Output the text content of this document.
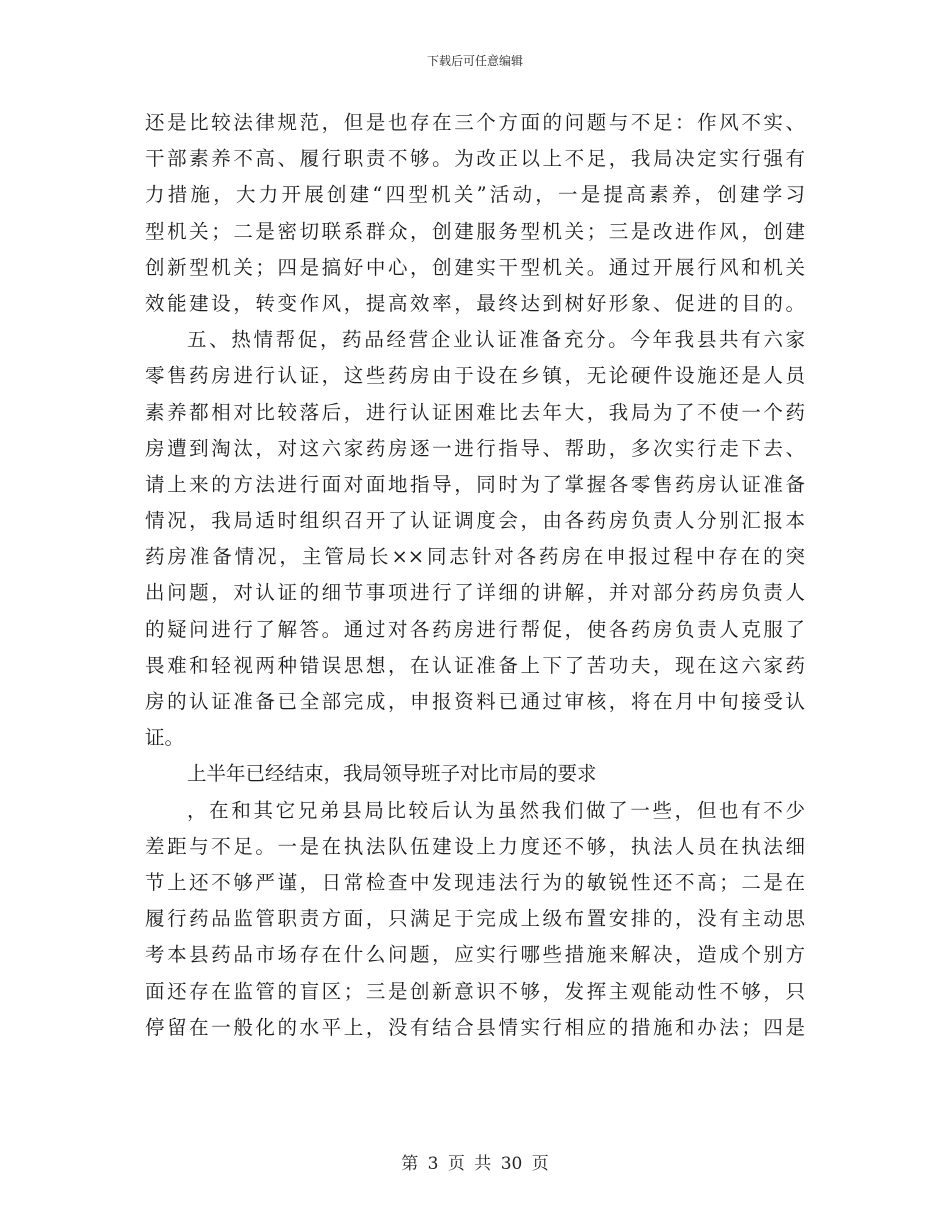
下载后可任意编辑
还是比较法律规范，但是也存在三个方面的问题与不足：作风不实、
干部素养不高、履行职责不够。为改正以上不足，我局决定实行强有
力措施，大力开展创建“四型机关”活动，一是提高素养，创建学习
型机关；二是密切联系群众，创建服务型机关；三是改进作风，创建
创新型机关；四是搞好中心，创建实干型机关。通过开展行风和机关
效能建设，转变作风，提高效率，最终达到树好形象、促进的目的。
五、热情帮促，药品经营企业认证准备充分。今年我县共有六家
零售药房进行认证，这些药房由于设在乡镇，无论硬件设施还是人员
素养都相对比较落后，进行认证困难比去年大，我局为了不使一个药
房遭到淘汰，对这六家药房逐一进行指导、帮助，多次实行走下去、
请上来的方法进行面对面地指导，同时为了掌握各零售药房认证准备
情况，我局适时组织召开了认证调度会，由各药房负责人分别汇报本
药房准备情况，主管局长××同志针对各药房在申报过程中存在的突
出问题，对认证的细节事项进行了详细的讲解，并对部分药房负责人
的疑问进行了解答。通过对各药房进行帮促，使各药房负责人克服了
畏难和轻视两种错误思想，在认证准备上下了苦功夫，现在这六家药
房的认证准备已全部完成，申报资料已通过审核，将在月中旬接受认
证。
上半年已经结束，我局领导班子对比市局的要求
，在和其它兄弟县局比较后认为虽然我们做了一些，但也有不少
差距与不足。一是在执法队伍建设上力度还不够，执法人员在执法细
节上还不够严谨，日常检查中发现违法行为的敏锐性还不高；二是在
履行药品监管职责方面，只满足于完成上级布置安排的，没有主动思
考本县药品市场存在什么问题，应实行哪些措施来解决，造成个别方
面还存在监管的盲区；三是创新意识不够，发挥主观能动性不够，只
停留在一般化的水平上，没有结合县情实行相应的措施和办法；四是
第 3 页 共 30 页
